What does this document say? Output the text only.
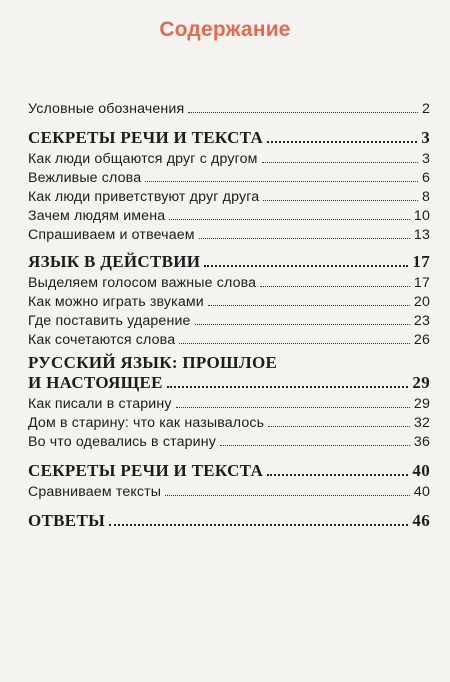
Содержание
Условные обозначения	2
СЕКРЕТЫ РЕЧИ И ТЕКСТА	3
Как люди общаются друг с другом	3
Вежливые слова	6
Как люди приветствуют друг друга	8
Зачем людям имена	10
Спрашиваем и отвечаем	13
ЯЗЫК В ДЕЙСТВИИ	17
Выделяем голосом важные слова	17
Как можно играть звуками	20
Где поставить ударение	23
Как сочетаются слова	26
РУССКИЙ ЯЗЫК: ПРОШЛОЕ
И НАСТОЯЩЕЕ	29
Как писали в старину	29
Дом в старину: что как называлось	32
Во что одевались в старину	36
СЕКРЕТЫ РЕЧИ И ТЕКСТА	40
Сравниваем тексты	40
ОТВЕТЫ	46
